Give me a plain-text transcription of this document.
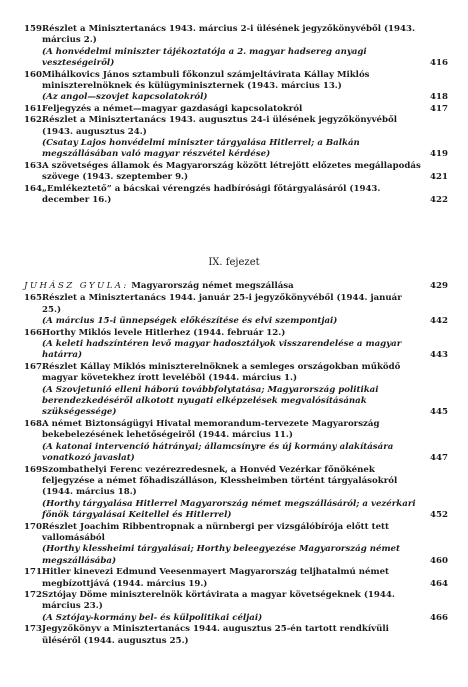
159.
Részlet a Minisztertanács 1943. március 2-i ülésének jegyzőkönyvéből (1943. március 2.)
(A honvédelmi miniszter tájékoztatója a 2. magyar hadsereg anyagi veszteségeiről)	416
160.
Mihálkovics János sztambuli főkonzul számjeltávirata Kállay Miklós miniszterelnöknek és külügyminiszternek (1943. március 13.)
(Az angol—szovjet kapcsolatokról)	418
161.
Feljegyzés a német—magyar gazdasági kapcsolatokról	417
162.
Részlet a Minisztertanács 1943. augusztus 24-i ülésének jegyzőkönyvéből (1943. augusztus 24.)
(Csatay Lajos honvédelmi miniszter tárgyalása Hitlerrel; a Balkán megszállásában való magyar részvétel kérdése)	419
163.
A szövetséges államok és Magyarország között létrejött előzetes megállapodás szövege (1943. szeptember 9.)	421
164.
„Emlékeztető” a bácskai vérengzés hadbírósági főtárgyalásáról (1943. december 16.)	422
IX. fejezet
JUHÁSZ GYULA: Magyarország német megszállása	429
165.
Részlet a Minisztertanács 1944. január 25-i jegyzőkönyvéből (1944. január 25.)
(A március 15-i ünnepségek előkészítése és elvi szempontjai)	442
166.
Horthy Miklós levele Hitlerhez (1944. február 12.)
(A keleti hadszíntéren levő magyar hadosztályok visszarendelése a magyar határra)	443
167.
Részlet Kállay Miklós miniszterelnöknek a semleges országokban működő magyar követekhez írott levelébõl (1944. március 1.)
(A Szovjetunió elleni háború továbbfolytatása; Magyarország politikai berendezkedéséről alkotott nyugati elképzelések megvalósításának szükségessége)	445
168.
A német Biztonságügyi Hivatal memorandum-tervezete Magyarország bekebelezésének lehetőségeiről (1944. március 11.)
(A katonai intervenció hátrányai; államcsínyre és új kormány alakítására vonatkozó javaslat)	447
169.
Szombathelyi Ferenc vezérezredesnek, a Honvéd Vezérkar főnökének feljegyzése a német főhadiszálláson, Klessheimben történt tárgyalásokról (1944. március 18.)
(Horthy tárgyalása Hitlerrel Magyarország német megszállásáról; a vezérkari főnök tárgyalásai Keitellel és Hitlerrel)	452
170.
Részlet Joachim Ribbentropnak a nürnbergi per vizsgálóbírója előtt tett vallomásából
(Horthy klessheimi tárgyalásai; Horthy beleegyezése Magyarország német megszállásába)	460
171.
Hitler kinevezi Edmund Veesenmayert Magyarország teljhatalmú német megbízottjává (1944. március 19.)	464
172.
Sztójay Döme miniszterelnök körtávirata a magyar követségeknek (1944. március 23.)
(A Sztójay-kormány bel- és külpolitikai céljai)	466
173.
Jegyzőkönyv a Minisztertanács 1944. augusztus 25-én tartott rendkívüli üléséről (1944. augusztus 25.)
